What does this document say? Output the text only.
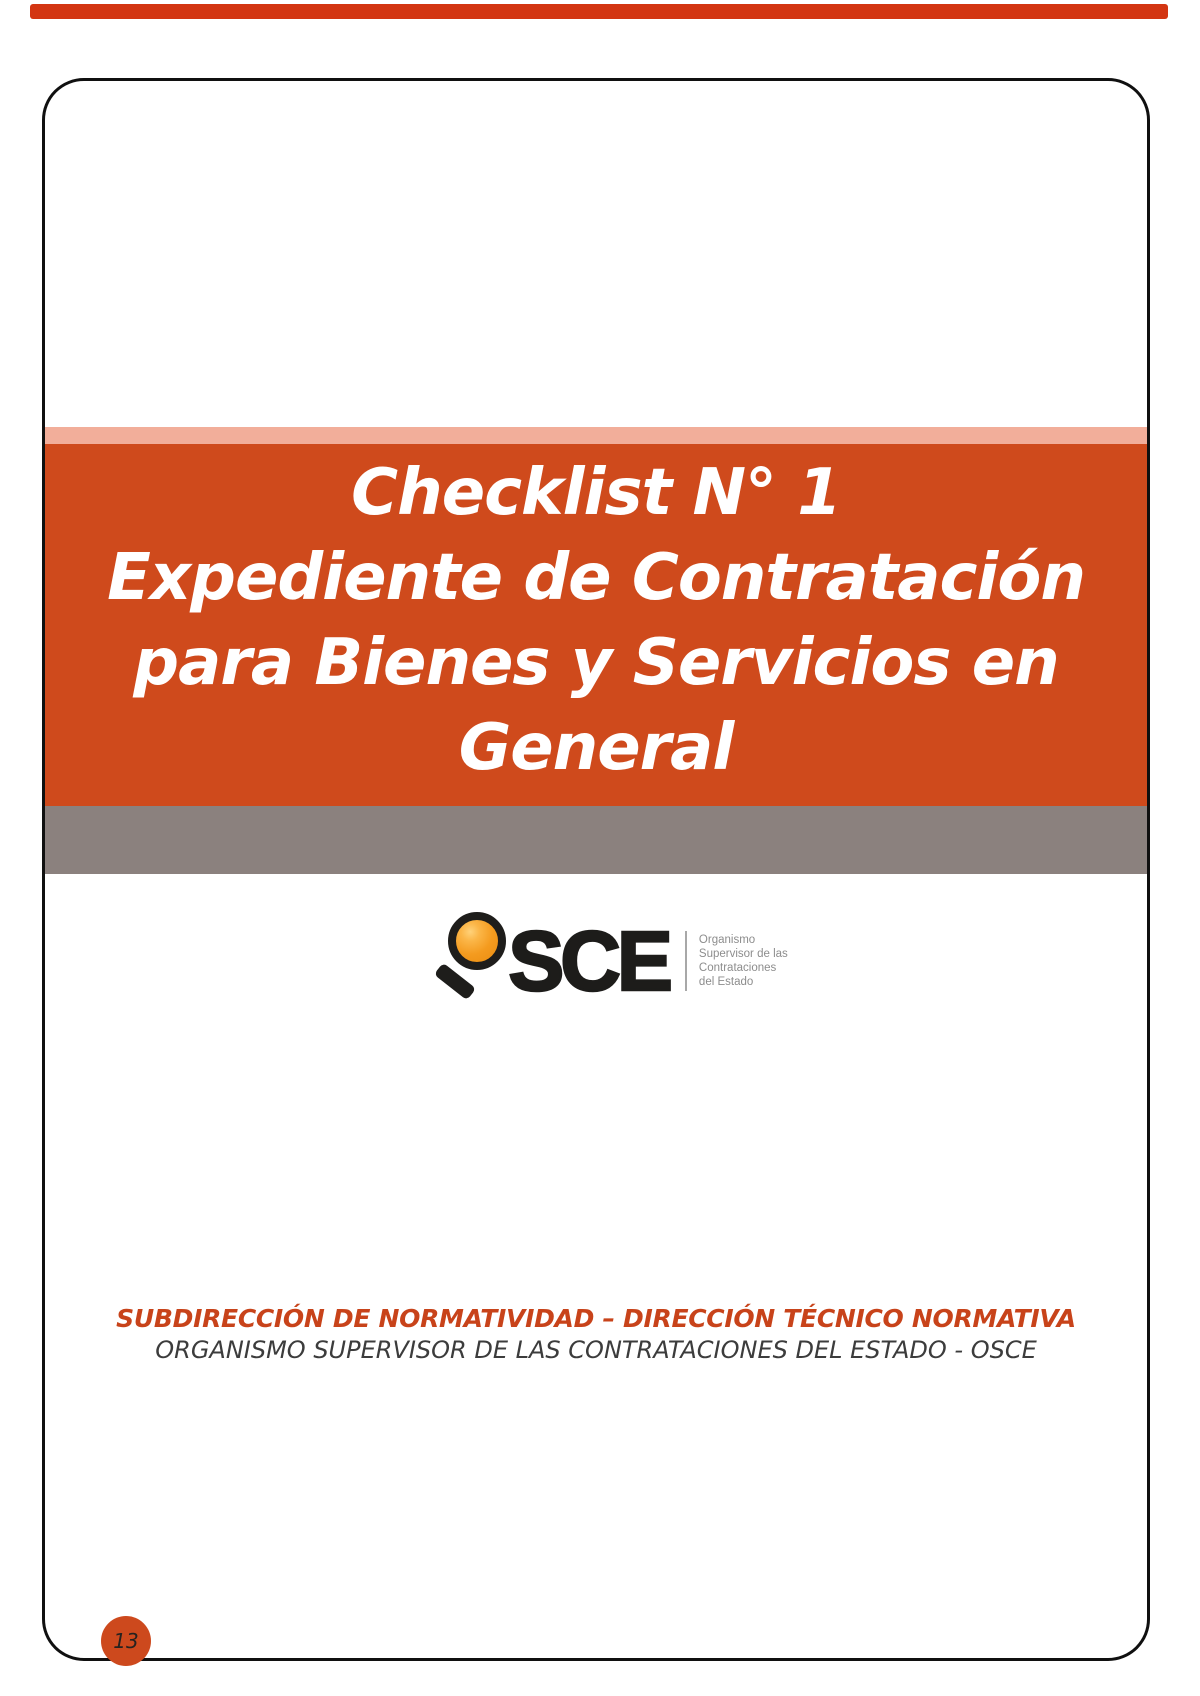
Checklist N° 1
Expediente de Contratación
para Bienes y Servicios en
General
SCE	Organismo
Supervisor de las
Contrataciones
del Estado
SUBDIRECCIÓN DE NORMATIVIDAD – DIRECCIÓN TÉCNICO NORMATIVA
ORGANISMO SUPERVISOR DE LAS CONTRATACIONES DEL ESTADO - OSCE
13
